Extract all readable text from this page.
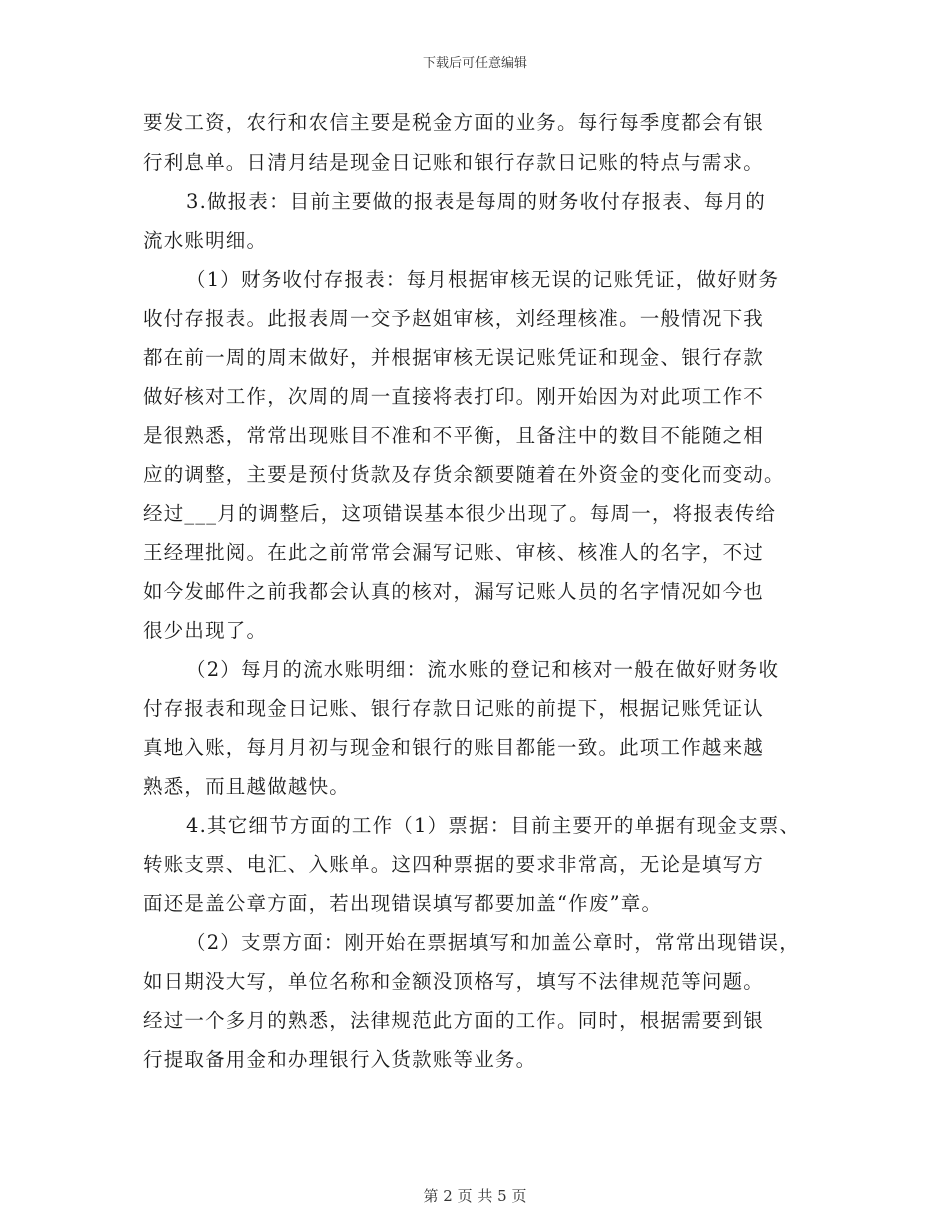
下载后可任意编辑
要发工资，农行和农信主要是税金方面的业务。每行每季度都会有银
行利息单。日清月结是现金日记账和银行存款日记账的特点与需求。
3.做报表：目前主要做的报表是每周的财务收付存报表、每月的
流水账明细。
（1）财务收付存报表：每月根据审核无误的记账凭证，做好财务
收付存报表。此报表周一交予赵姐审核，刘经理核准。一般情况下我
都在前一周的周末做好，并根据审核无误记账凭证和现金、银行存款
做好核对工作，次周的周一直接将表打印。刚开始因为对此项工作不
是很熟悉，常常出现账目不准和不平衡，且备注中的数目不能随之相
应的调整，主要是预付货款及存货余额要随着在外资金的变化而变动。
经过___月的调整后，这项错误基本很少出现了。每周一，将报表传给
王经理批阅。在此之前常常会漏写记账、审核、核准人的名字，不过
如今发邮件之前我都会认真的核对，漏写记账人员的名字情况如今也
很少出现了。
（2）每月的流水账明细：流水账的登记和核对一般在做好财务收
付存报表和现金日记账、银行存款日记账的前提下，根据记账凭证认
真地入账，每月月初与现金和银行的账目都能一致。此项工作越来越
熟悉，而且越做越快。
4.其它细节方面的工作（1）票据：目前主要开的单据有现金支票、
转账支票、电汇、入账单。这四种票据的要求非常高，无论是填写方
面还是盖公章方面，若出现错误填写都要加盖“作废”章。
（2）支票方面：刚开始在票据填写和加盖公章时，常常出现错误，
如日期没大写，单位名称和金额没顶格写，填写不法律规范等问题。
经过一个多月的熟悉，法律规范此方面的工作。同时，根据需要到银
行提取备用金和办理银行入货款账等业务。
第 2 页 共 5 页
